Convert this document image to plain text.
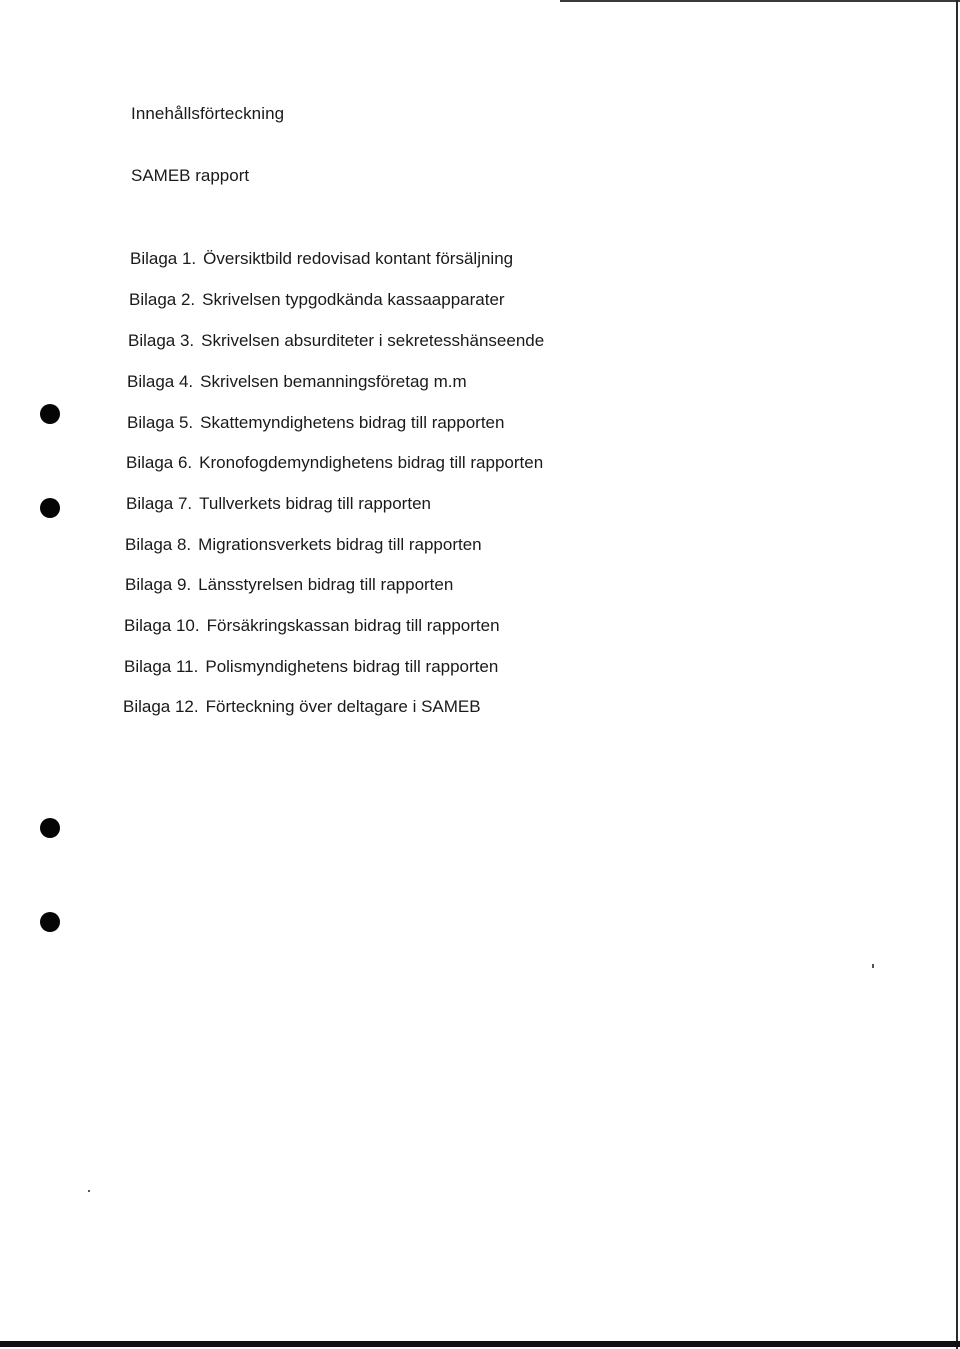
Innehållsförteckning
SAMEB rapport
Bilaga 1. Översiktbild redovisad kontant försäljning
Bilaga 2. Skrivelsen typgodkända kassaapparater
Bilaga 3. Skrivelsen absurditeter i sekretesshänseende
Bilaga 4. Skrivelsen bemanningsföretag m.m
Bilaga 5. Skattemyndighetens bidrag till rapporten
Bilaga 6. Kronofogdemyndighetens bidrag till rapporten
Bilaga 7. Tullverkets bidrag till rapporten
Bilaga 8. Migrationsverkets bidrag till rapporten
Bilaga 9. Länsstyrelsen bidrag till rapporten
Bilaga 10. Försäkringskassan bidrag till rapporten
Bilaga 11. Polismyndighetens bidrag till rapporten
Bilaga 12. Förteckning över deltagare i SAMEB
